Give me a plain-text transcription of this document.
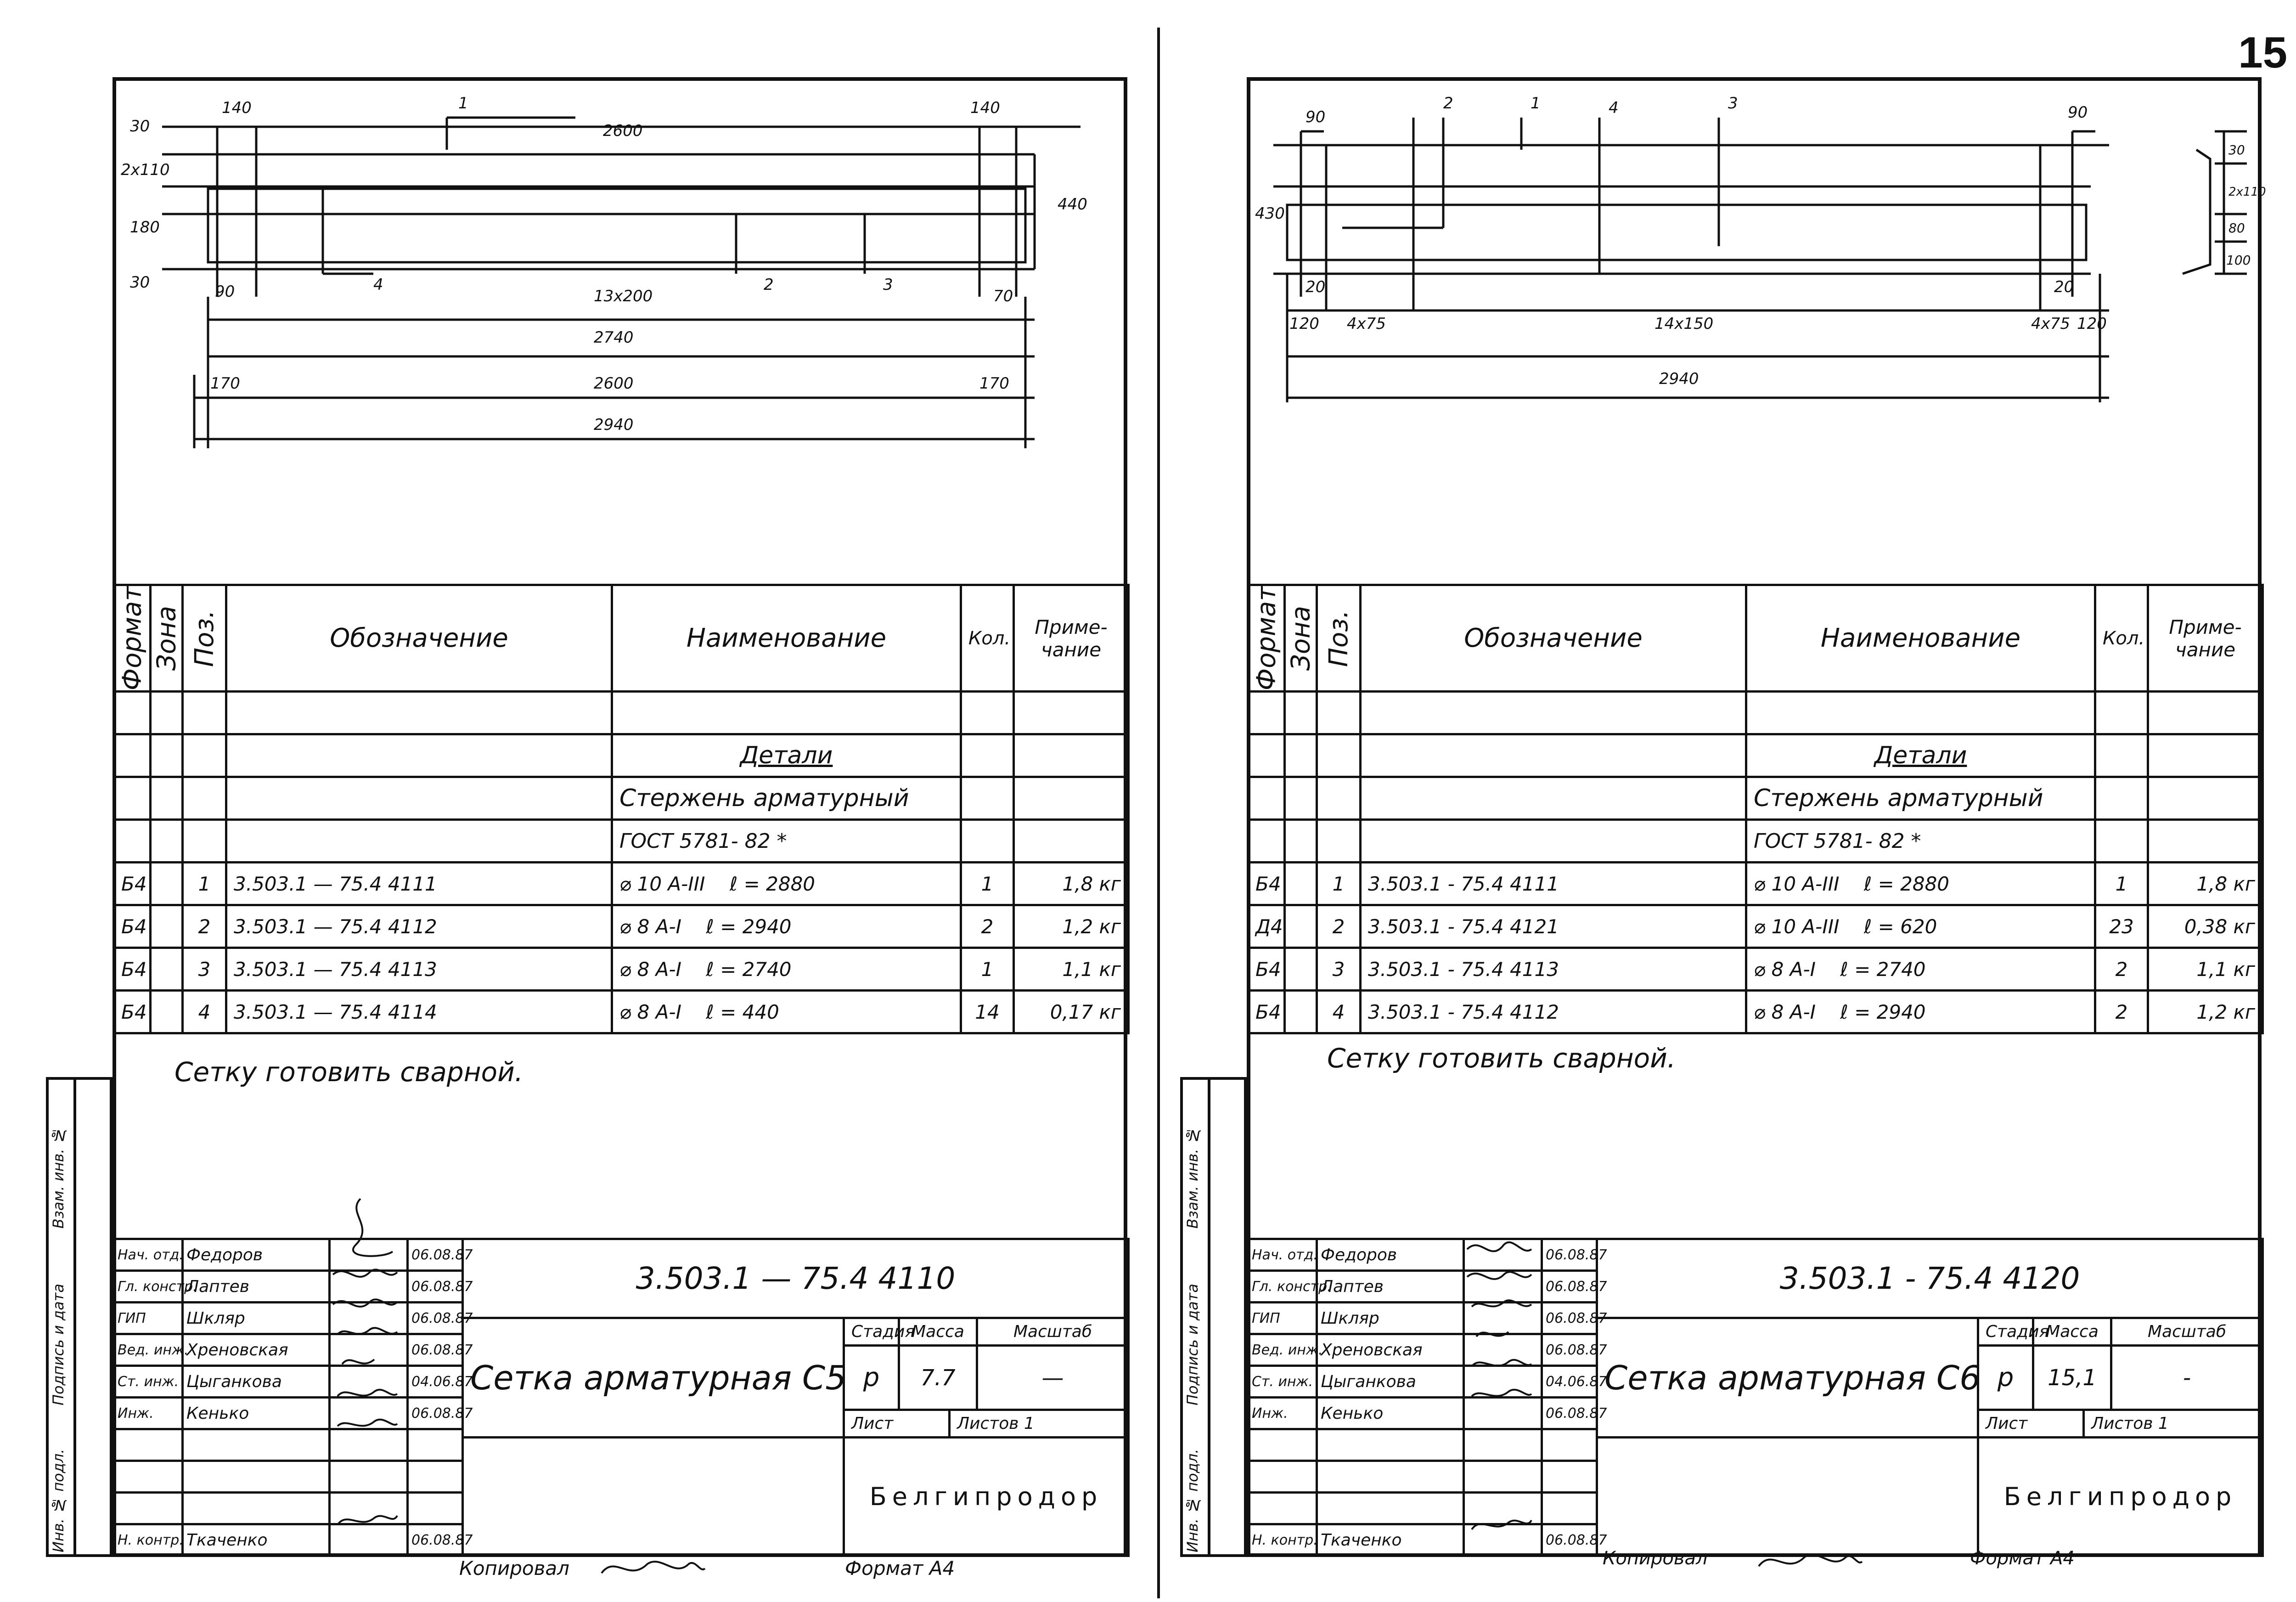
15
Инв. № подл.
Подпись и дата
Взам. инв. №
140
2600
140
1
30
2x110
180
30
440
90	4
13x200
2	3
70
2740
170	2600	170
2940
Формат	Зона	Поз.	Обозначение	Наименование	Кол.	Приме-чание

				Детали		
				Стержень арматурный		
				ГОСТ 5781- 82 *		
Б4		1	3.503.1 — 75.4 4111	⌀ 10 A-III ℓ = 2880	1	1,8 кг
Б4		2	3.503.1 — 75.4 4112	⌀ 8 A-I ℓ = 2940	2	1,2 кг
Б4		3	3.503.1 — 75.4 4113	⌀ 8 A-I ℓ = 2740	1	1,1 кг
Б4		4	3.503.1 — 75.4 4114	⌀ 8 A-I ℓ = 440	14	0,17 кг
Сетку готовить сварной.
Нач. отд.	Федоров		06.08.87
Гл. констр.	Лаптев		06.08.87
ГИП	Шкляр		06.08.87
Вед. инж.	Хреновская		06.08.87
Ст. инж.	Цыганкова		04.06.87
Инж.	Кенько		06.08.87

Н. контр.	Ткаченко		06.08.87
3.503.1 — 75.4 4110				
Сетка арматурная С5	Стадия	Масса		Масштаб
	р	7.7		—
	Лист		Листов 1	
	Белгипродор			
Копировал	Формат А4
Инв. № подл.
Подпись и дата
Взам. инв. №
90
2	1	4	3	90
430
20	20
120 4x75	14x150	4x75 120
2940
30
2x110
80
100
Формат	Зона	Поз.	Обозначение	Наименование	Кол.	Приме-чание

				Детали		
				Стержень арматурный		
				ГОСТ 5781- 82 *		
Б4		1	3.503.1 - 75.4 4111	⌀ 10 A-III ℓ = 2880	1	1,8 кг
Д4		2	3.503.1 - 75.4 4121	⌀ 10 A-III ℓ = 620	23	0,38 кг
Б4		3	3.503.1 - 75.4 4113	⌀ 8 A-I ℓ = 2740	2	1,1 кг
Б4		4	3.503.1 - 75.4 4112	⌀ 8 A-I ℓ = 2940	2	1,2 кг
Сетку готовить сварной.
Нач. отд.	Федоров		06.08.87
Гл. констр.	Лаптев		06.08.87
ГИП	Шкляр		06.08.87
Вед. инж.	Хреновская		06.08.87
Ст. инж.	Цыганкова		04.06.87
Инж.	Кенько		06.08.87

Н. контр.	Ткаченко		06.08.87
3.503.1 - 75.4 4120				
Сетка арматурная С6	Стадия	Масса		Масштаб
	р	15,1		-
	Лист		Листов 1	
	Белгипродор			
Копировал	Формат А4
